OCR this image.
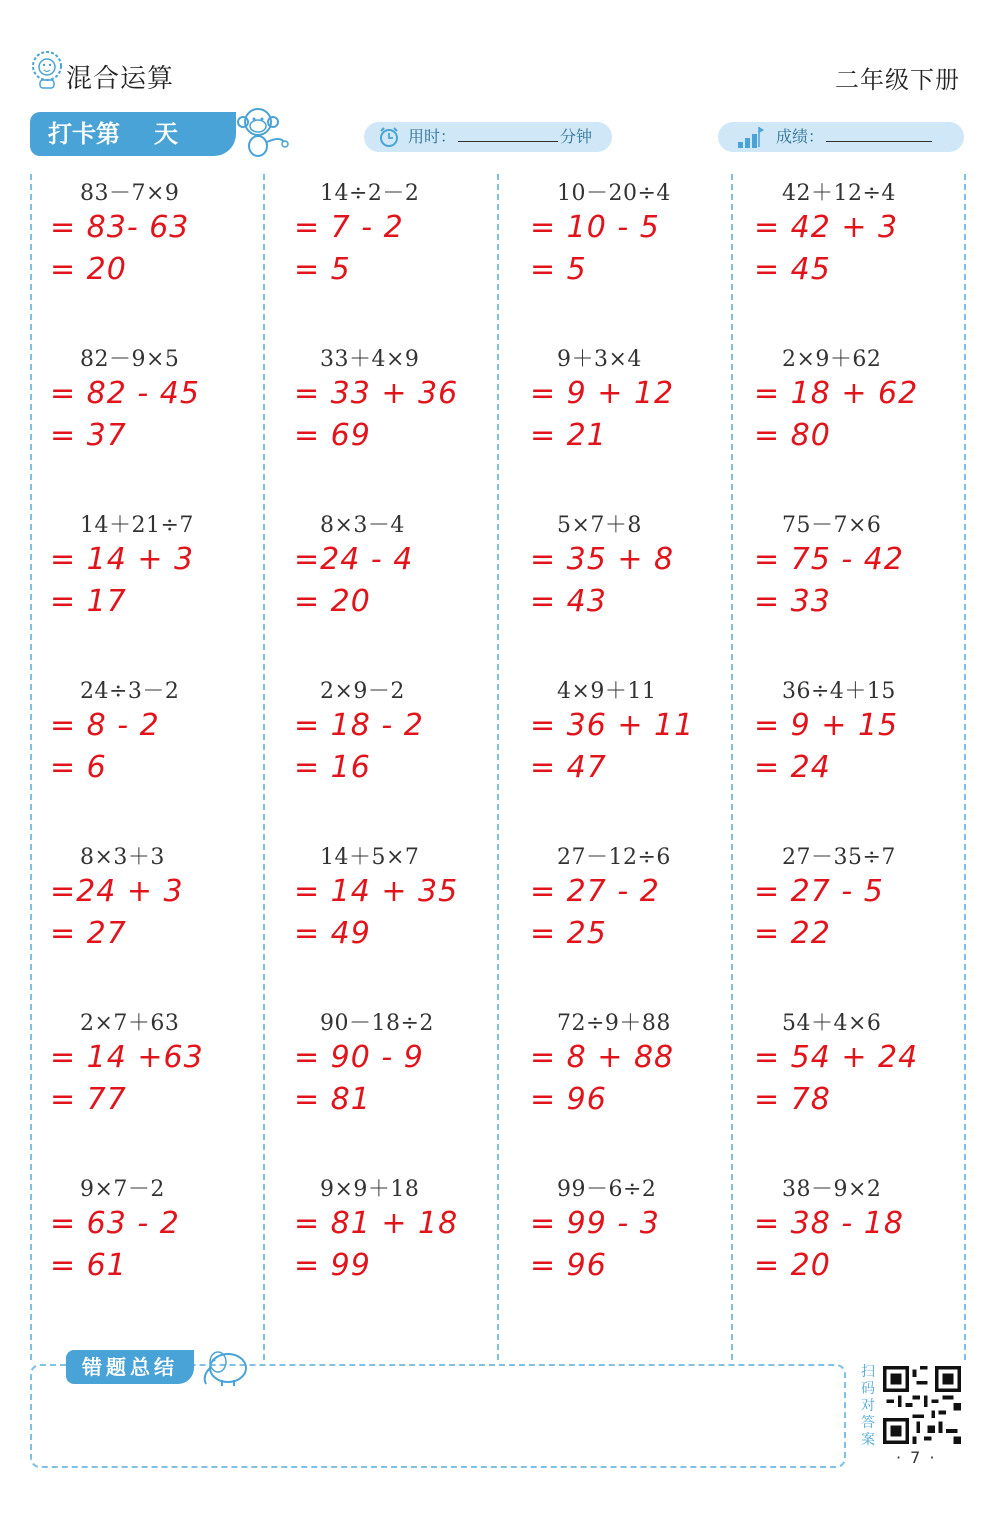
混合运算	二年级下册
打卡第 天	用时：	分钟	成绩：
83－7×9
= 83- 63
= 20
82－9×5
= 82 - 45
= 37
14＋21÷7
= 14 + 3
= 17
24÷3－2
= 8 - 2
= 6
8×3＋3
=24 + 3
= 27
2×7＋63
= 14 +63
= 77
9×7－2
= 63 - 2
= 61
14÷2－2
= 7 - 2
= 5
33＋4×9
= 33 + 36
= 69
8×3－4
=24 - 4
= 20
2×9－2
= 18 - 2
= 16
14＋5×7
= 14 + 35
= 49
90－18÷2
= 90 - 9
= 81
9×9＋18
= 81 + 18
= 99
10－20÷4
= 10 - 5
= 5
9＋3×4
= 9 + 12
= 21
5×7＋8
= 35 + 8
= 43
4×9＋11
= 36 + 11
= 47
27－12÷6
= 27 - 2
= 25
72÷9＋88
= 8 + 88
= 96
99－6÷2
= 99 - 3
= 96
42＋12÷4
= 42 + 3
= 45
2×9＋62
= 18 + 62
= 80
75－7×6
= 75 - 42
= 33
36÷4＋15
= 9 + 15
= 24
27－35÷7
= 27 - 5
= 22
54＋4×6
= 54 + 24
= 78
38－9×2
= 38 - 18
= 20
错题总结	扫码对答案
· 7 ·
